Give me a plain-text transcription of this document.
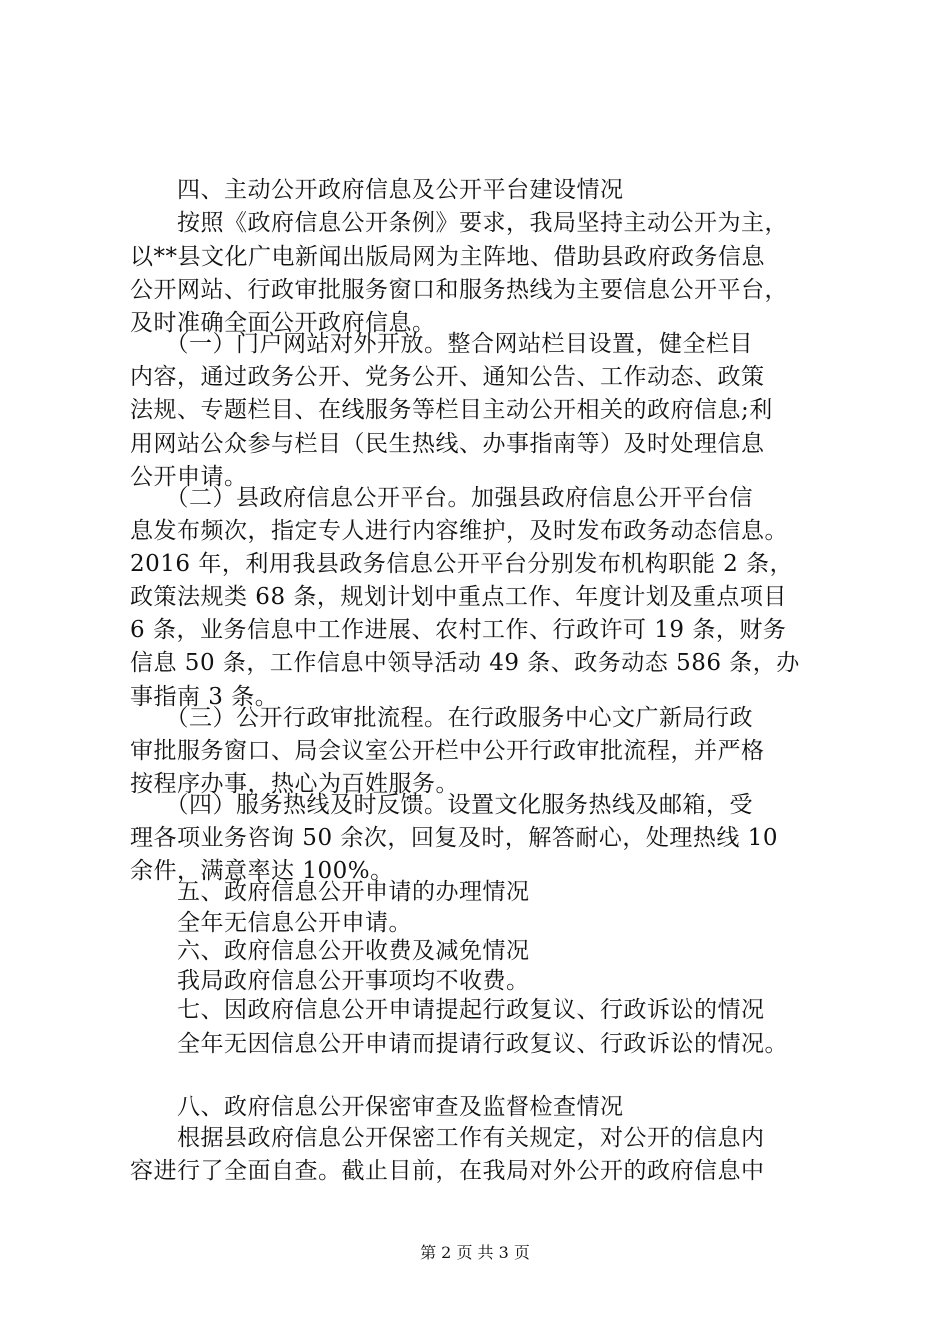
　　四、主动公开政府信息及公开平台建设情况
　　按照《政府信息公开条例》要求，我局坚持主动公开为主，
以**县文化广电新闻出版局网为主阵地、借助县政府政务信息
公开网站、行政审批服务窗口和服务热线为主要信息公开平台，
及时准确全面公开政府信息。
　　（一）门户网站对外开放。整合网站栏目设置，健全栏目
内容，通过政务公开、党务公开、通知公告、工作动态、政策
法规、专题栏目、在线服务等栏目主动公开相关的政府信息;利
用网站公众参与栏目（民生热线、办事指南等）及时处理信息
公开申请。
　　（二）县政府信息公开平台。加强县政府信息公开平台信
息发布频次，指定专人进行内容维护，及时发布政务动态信息。
2016 年，利用我县政务信息公开平台分别发布机构职能 2 条，
政策法规类 68 条，规划计划中重点工作、年度计划及重点项目
6 条，业务信息中工作进展、农村工作、行政许可 19 条，财务
信息 50 条，工作信息中领导活动 49 条、政务动态 586 条，办
事指南 3 条。
　　（三）公开行政审批流程。在行政服务中心文广新局行政
审批服务窗口、局会议室公开栏中公开行政审批流程，并严格
按程序办事，热心为百姓服务。
　　（四）服务热线及时反馈。设置文化服务热线及邮箱，受
理各项业务咨询 50 余次，回复及时，解答耐心，处理热线 10
余件，满意率达 100%。
　　五、政府信息公开申请的办理情况
　　全年无信息公开申请。
　　六、政府信息公开收费及减免情况
　　我局政府信息公开事项均不收费。
　　七、因政府信息公开申请提起行政复议、行政诉讼的情况
　　全年无因信息公开申请而提请行政复议、行政诉讼的情况。
　　八、政府信息公开保密审查及监督检查情况
　　根据县政府信息公开保密工作有关规定，对公开的信息内
容进行了全面自查。截止目前，在我局对外公开的政府信息中
第 2 页 共 3 页
